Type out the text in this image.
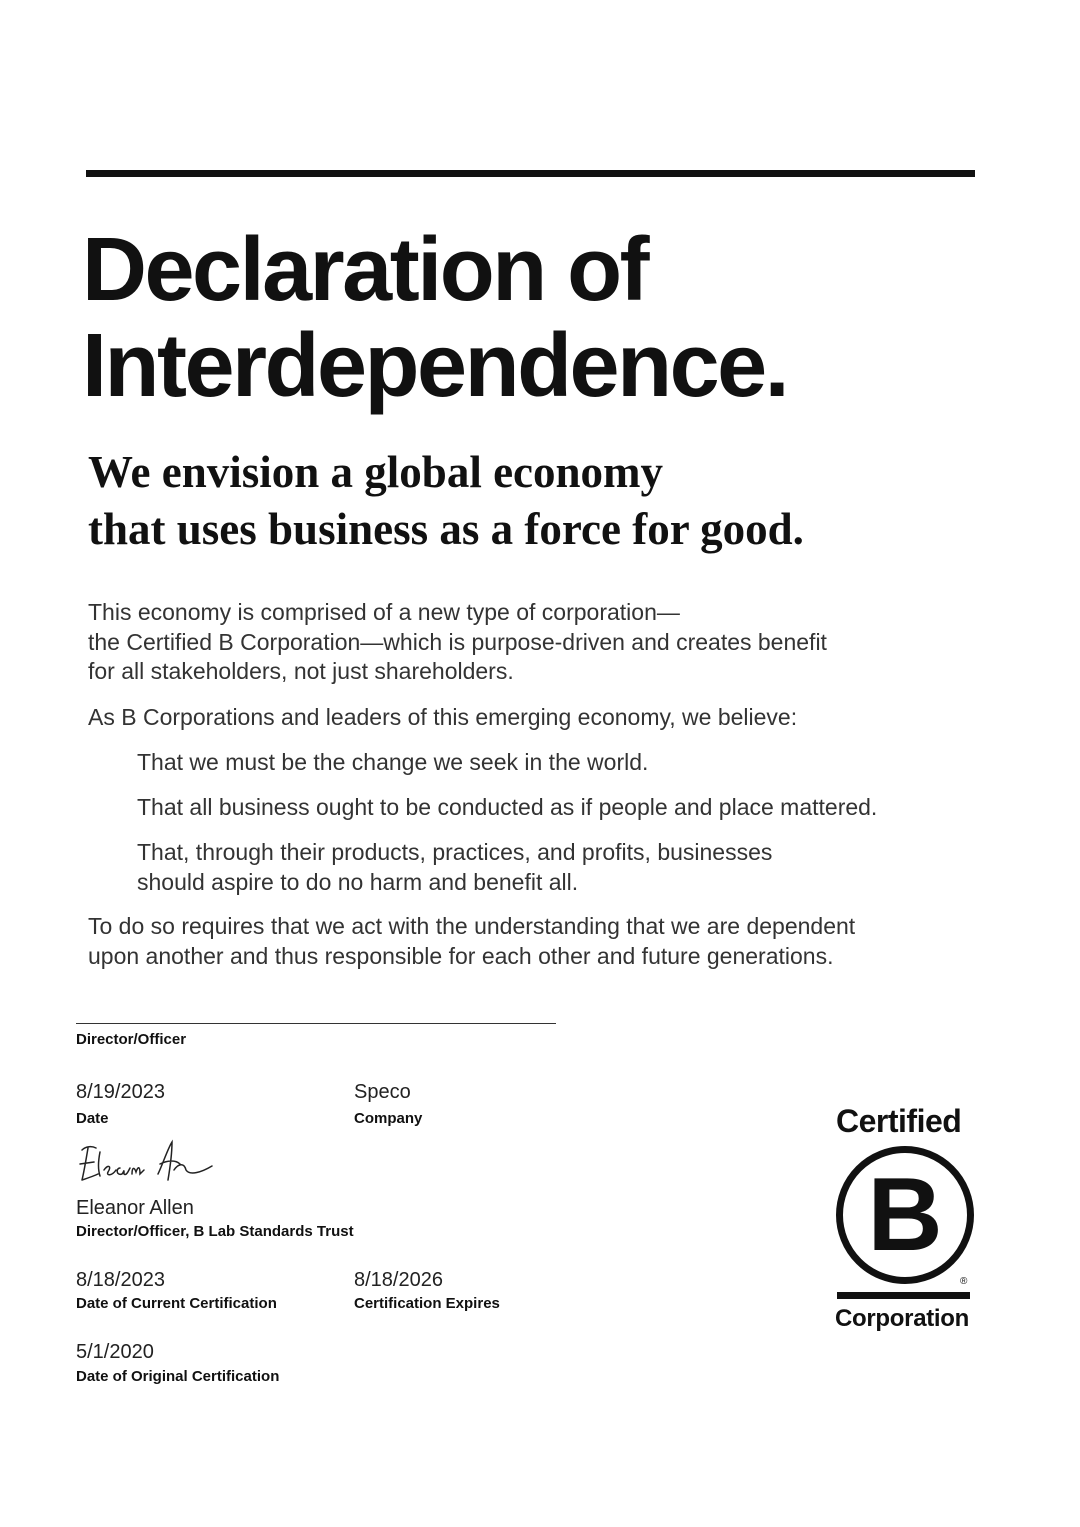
Declaration of
Interdependence.
We envision a global economy
that uses business as a force for good.

This economy is comprised of a new type of corporation—
the Certified B Corporation—which is purpose-driven and creates benefit
for all stakeholders, not just shareholders.

As B Corporations and leaders of this emerging economy, we believe:

That we must be the change we seek in the world.

That all business ought to be conducted as if people and place mattered.

That, through their products, practices, and profits, businesses
should aspire to do no harm and benefit all.

To do so requires that we act with the understanding that we are dependent
upon another and thus responsible for each other and future generations.

Director/Officer
8/19/2023
Date
Speco
Company
Eleanor Allen
Director/Officer, B Lab Standards Trust
8/18/2023
Date of Current Certification
8/18/2026
Certification Expires
5/1/2020
Date of Original Certification
Certified
B
®
Corporation
